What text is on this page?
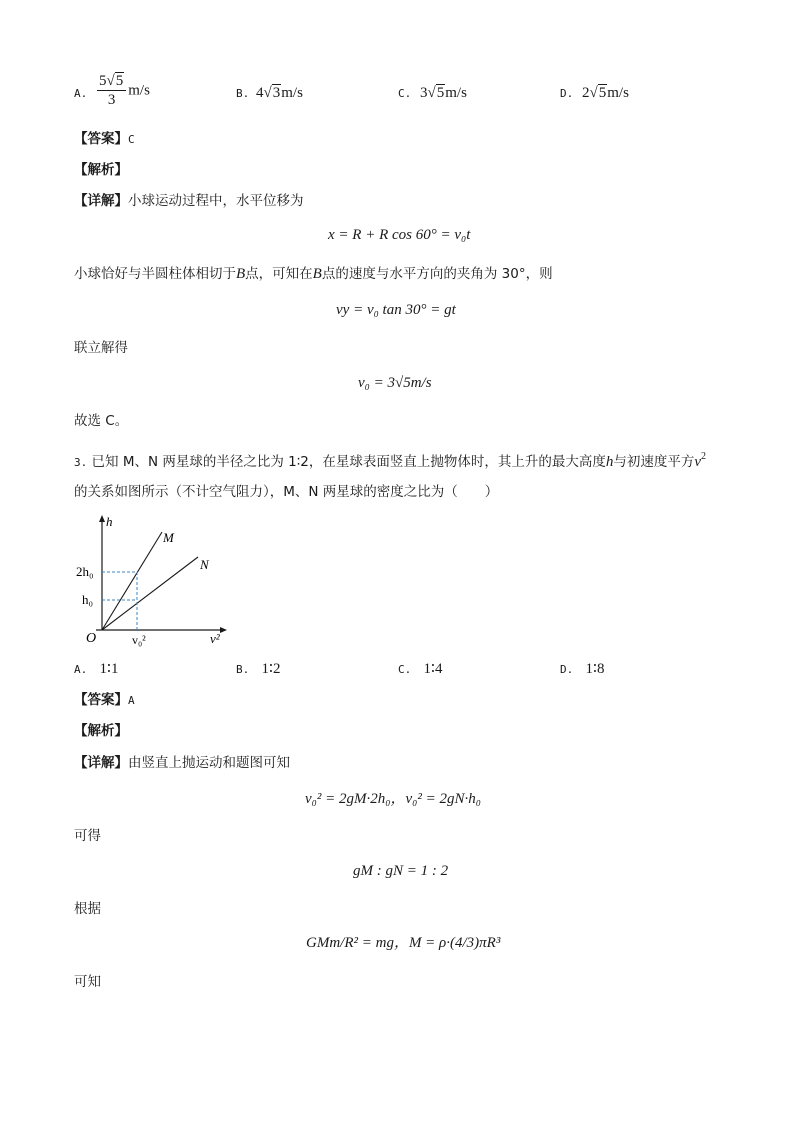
A. $\frac{5√5}{3} m/s$	B. 4√3m/s	C. 3√5m/s	D. 2√5m/s
【答案】C
【解析】
【详解】小球运动过程中，水平位移为
x = R + R cos 60° = v₀t
小球恰好与半圆柱体相切于B点，可知在B点的速度与水平方向的夹角为 30°，则
vy = v₀ tan 30° = gt
联立解得
v₀ = 3√5m/s
故选 C。
3. 已知 M、N 两星球的半径之比为 1∶2，在星球表面竖直上抛物体时，其上升的最大高度h与初速度平方$v^2$
的关系如图所示（不计空气阻力），M、N 两星球的密度之比为（　　）
h
v²
O
M
N
2h₀
h₀
v₀²
A. 1∶1	B. 1∶2	C. 1∶4	D. 1∶8
【答案】A
【解析】
【详解】由竖直上抛运动和题图可知
v₀² = 2gM·2h₀，v₀² = 2gN·h₀
可得
gM : gN = 1 : 2
根据
GMm/R² = mg，M = ρ·(4/3)πR³
可知
